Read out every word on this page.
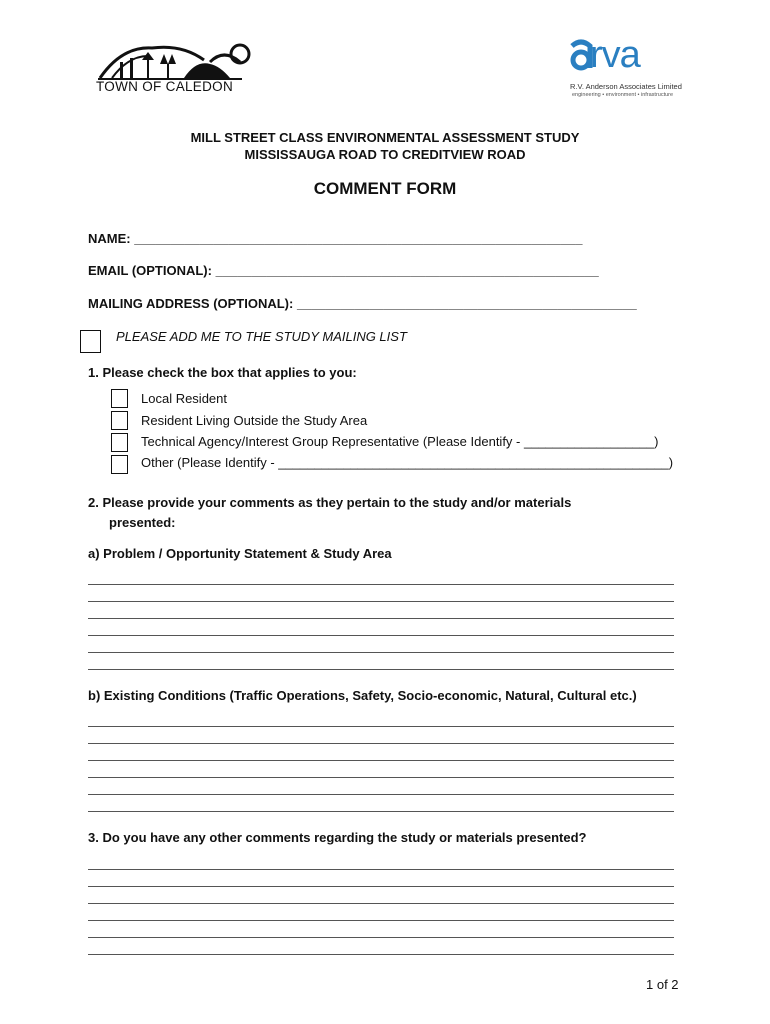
TOWN OF CALEDON
rva
R.V. Anderson Associates Limited
engineering • environment • infrastructure
MILL STREET CLASS ENVIRONMENTAL ASSESSMENT STUDY
MISSISSAUGA ROAD TO CREDITVIEW ROAD
COMMENT FORM
NAME: ______________________________________________________________
EMAIL (OPTIONAL): _____________________________________________________
MAILING ADDRESS (OPTIONAL): _______________________________________________
PLEASE ADD ME TO THE STUDY MAILING LIST
1. Please check the box that applies to you:
Local Resident
Resident Living Outside the Study Area
Technical Agency/Interest Group Representative (Please Identify - __________________)
Other (Please Identify - ______________________________________________________)
2. Please provide your comments as they pertain to the study and/or materials
presented:
a) Problem / Opportunity Statement & Study Area
b) Existing Conditions (Traffic Operations, Safety, Socio-economic, Natural, Cultural etc.)
3. Do you have any other comments regarding the study or materials presented?
1 of 2
